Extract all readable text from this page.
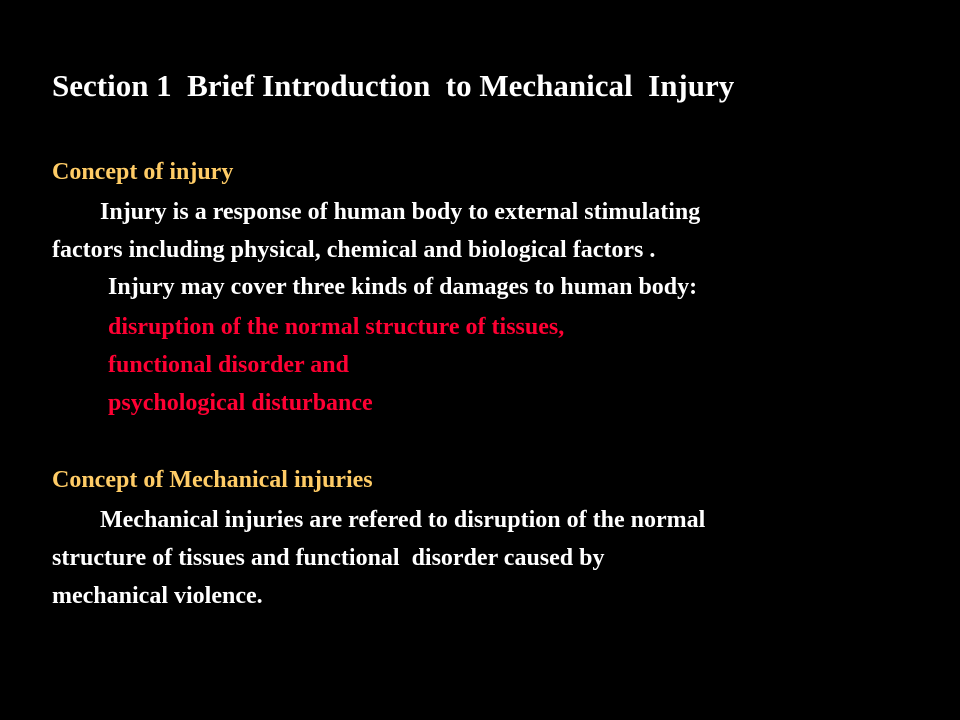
Section 1  Brief Introduction  to Mechanical  Injury
Concept of injury
Injury is a response of human body to external stimulating
factors including physical, chemical and biological factors .
Injury may cover three kinds of damages to human body:
disruption of the normal structure of tissues,
functional disorder and
psychological disturbance
Concept of Mechanical injuries
Mechanical injuries are refered to disruption of the normal
structure of tissues and functional  disorder caused by
mechanical violence.
